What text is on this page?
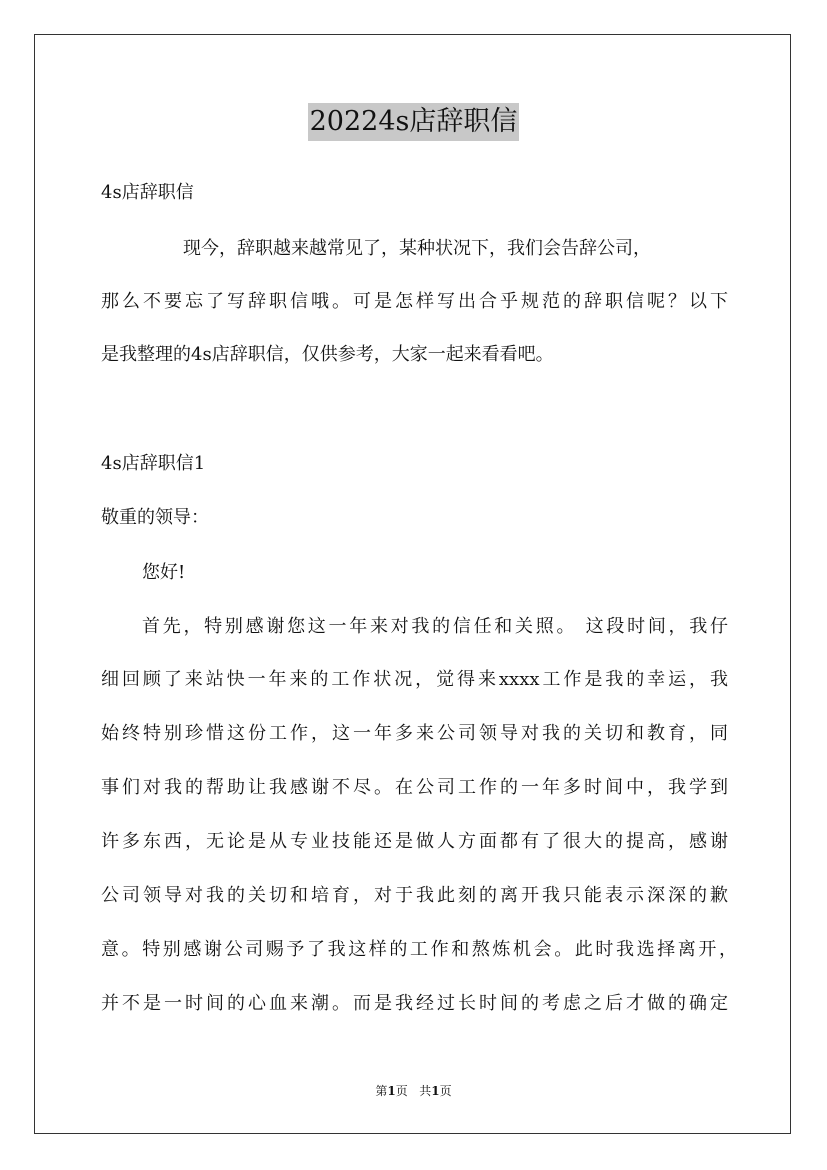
20224s店辞职信
4s店辞职信
现今，辞职越来越常见了，某种状况下，我们会告辞公司，
那么不要忘了写辞职信哦。可是怎样写出合乎规范的辞职信呢？以下
是我整理的4s店辞职信，仅供参考，大家一起来看看吧。
4s店辞职信1
敬重的领导：
您好!
首先，特别感谢您这一年来对我的信任和关照。 这段时间，我仔
细回顾了来站快一年来的工作状况，觉得来xxxx工作是我的幸运，我
始终特别珍惜这份工作，这一年多来公司领导对我的关切和教育，同
事们对我的帮助让我感谢不尽。在公司工作的一年多时间中，我学到
许多东西，无论是从专业技能还是做人方面都有了很大的提高，感谢
公司领导对我的关切和培育，对于我此刻的离开我只能表示深深的歉
意。特别感谢公司赐予了我这样的工作和熬炼机会。此时我选择离开，
并不是一时间的心血来潮。而是我经过长时间的考虑之后才做的确定
第1页 共1页
